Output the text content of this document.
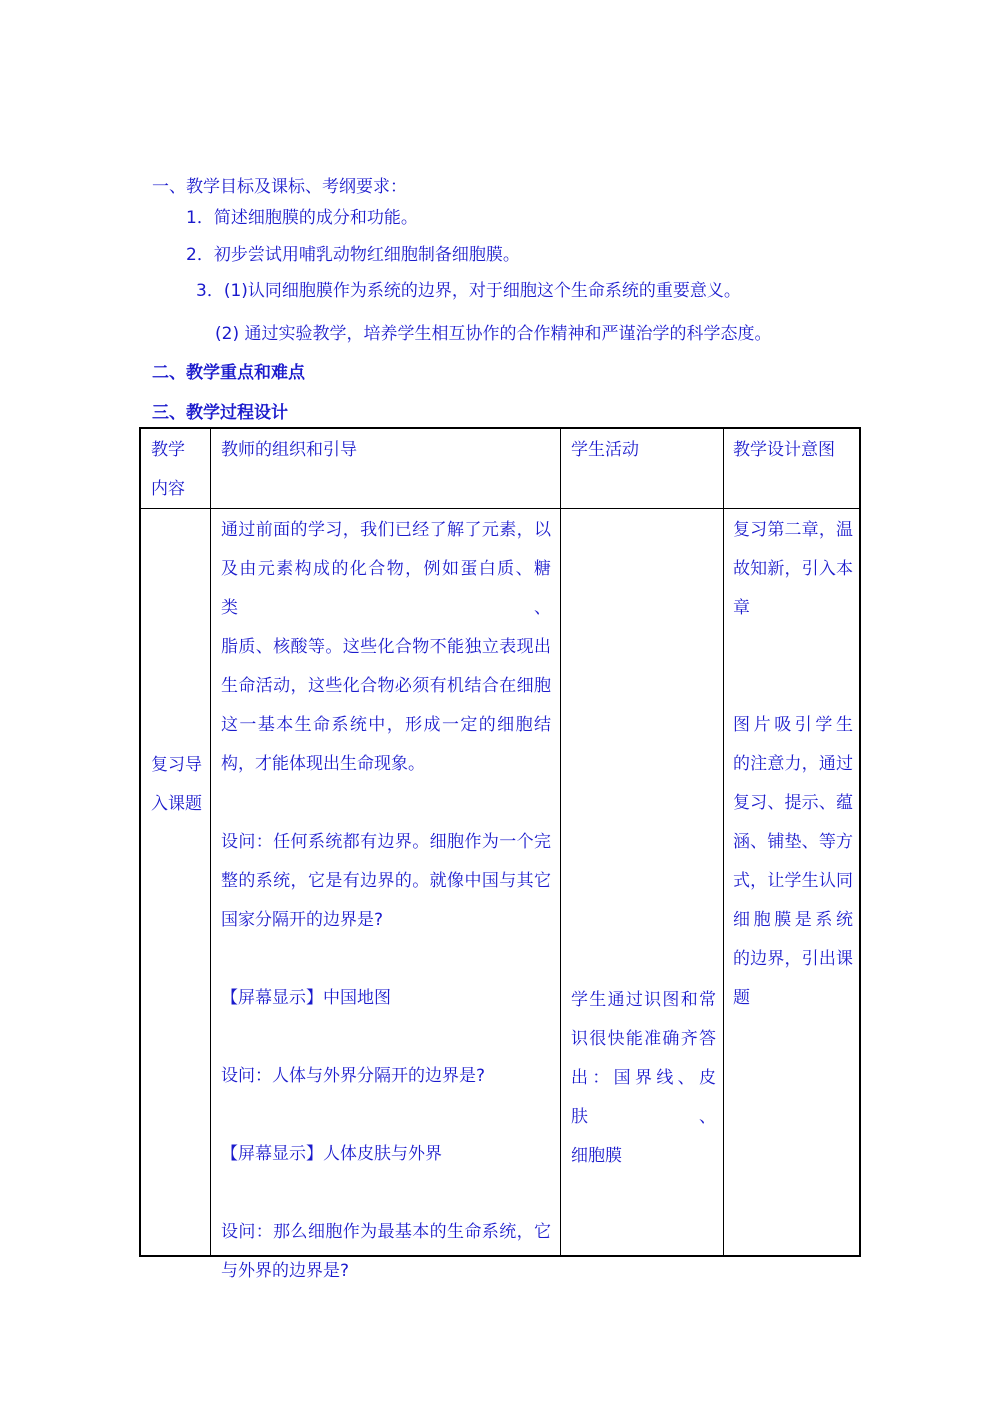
一、教学目标及课标、考纲要求：
1．简述细胞膜的成分和功能。
2．初步尝试用哺乳动物红细胞制备细胞膜。
3．(1)认同细胞膜作为系统的边界，对于细胞这个生命系统的重要意义。
(2) 通过实验教学，培养学生相互协作的合作精神和严谨治学的科学态度。
二、教学重点和难点
三、教学过程设计

教学

内容

教师的组织和引导	学生活动	教学设计意图

复习导

入课题

通过前面的学习，我们已经了解了元素，以

及由元素构成的化合物，例如蛋白质、糖类、

脂质、核酸等。这些化合物不能独立表现出

生命活动，这些化合物必须有机结合在细胞

这一基本生命系统中，形成一定的细胞结

构，才能体现出生命现象。

设问：任何系统都有边界。细胞作为一个完

整的系统，它是有边界的。就像中国与其它

国家分隔开的边界是?

【屏幕显示】中国地图

设问：人体与外界分隔开的边界是?

【屏幕显示】人体皮肤与外界

设问：那么细胞作为最基本的生命系统，它

与外界的边界是?

学生通过识图和常

识很快能准确齐答

出：国界线、皮肤、

细胞膜

复习第二章，温

故知新，引入本

章

图片吸引学生

的注意力，通过

复习、提示、蕴

涵、铺垫、等方

式，让学生认同

细胞膜是系统

的边界，引出课

题
